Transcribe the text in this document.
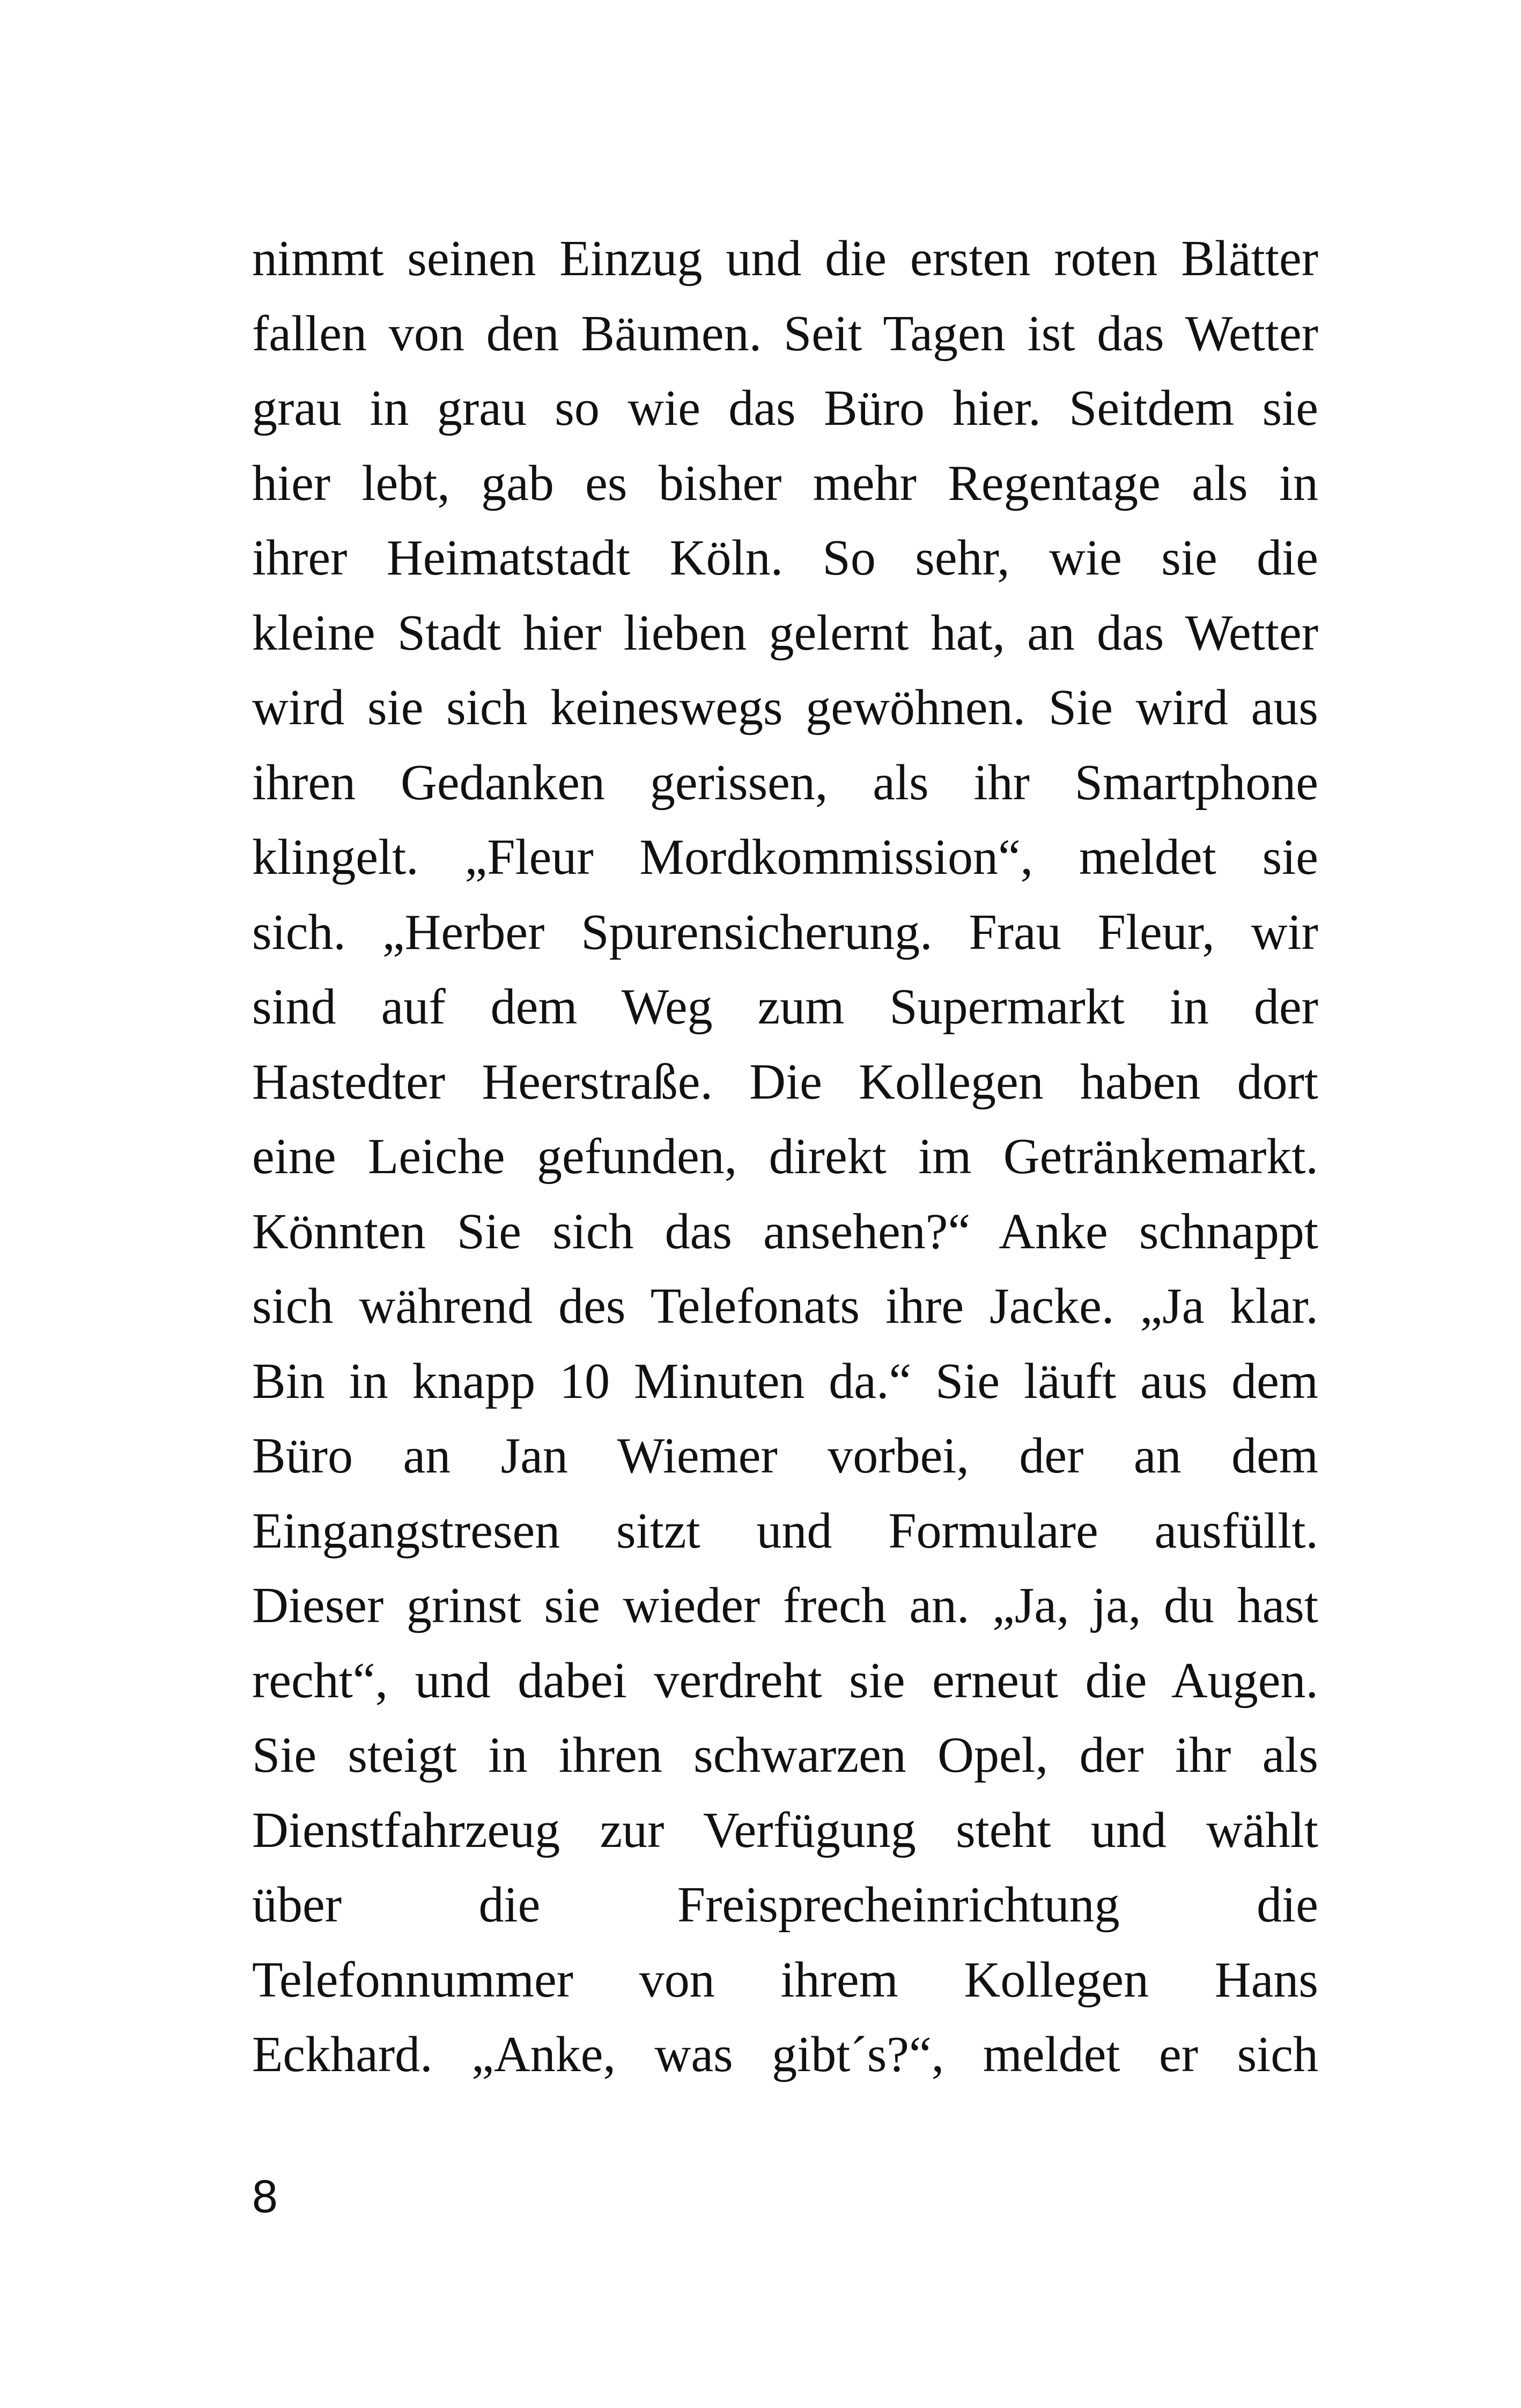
nimmt seinen Einzug und die ersten roten Blätter
fallen von den Bäumen. Seit Tagen ist das Wetter
grau in grau so wie das Büro hier. Seitdem sie
hier lebt, gab es bisher mehr Regentage als in
ihrer Heimatstadt Köln. So sehr, wie sie die
kleine Stadt hier lieben gelernt hat, an das Wetter
wird sie sich keineswegs gewöhnen. Sie wird aus
ihren Gedanken gerissen, als ihr Smartphone
klingelt. „Fleur Mordkommission“, meldet sie
sich. „Herber Spurensicherung. Frau Fleur, wir
sind auf dem Weg zum Supermarkt in der
Hastedter Heerstraße. Die Kollegen haben dort
eine Leiche gefunden, direkt im Getränkemarkt.
Könnten Sie sich das ansehen?“ Anke schnappt
sich während des Telefonats ihre Jacke. „Ja klar.
Bin in knapp 10 Minuten da.“ Sie läuft aus dem
Büro an Jan Wiemer vorbei, der an dem
Eingangstresen sitzt und Formulare ausfüllt.
Dieser grinst sie wieder frech an. „Ja, ja, du hast
recht“, und dabei verdreht sie erneut die Augen.
Sie steigt in ihren schwarzen Opel, der ihr als
Dienstfahrzeug zur Verfügung steht und wählt
über die Freisprecheinrichtung die
Telefonnummer von ihrem Kollegen Hans
Eckhard. „Anke, was gibt´s?“, meldet er sich
8
